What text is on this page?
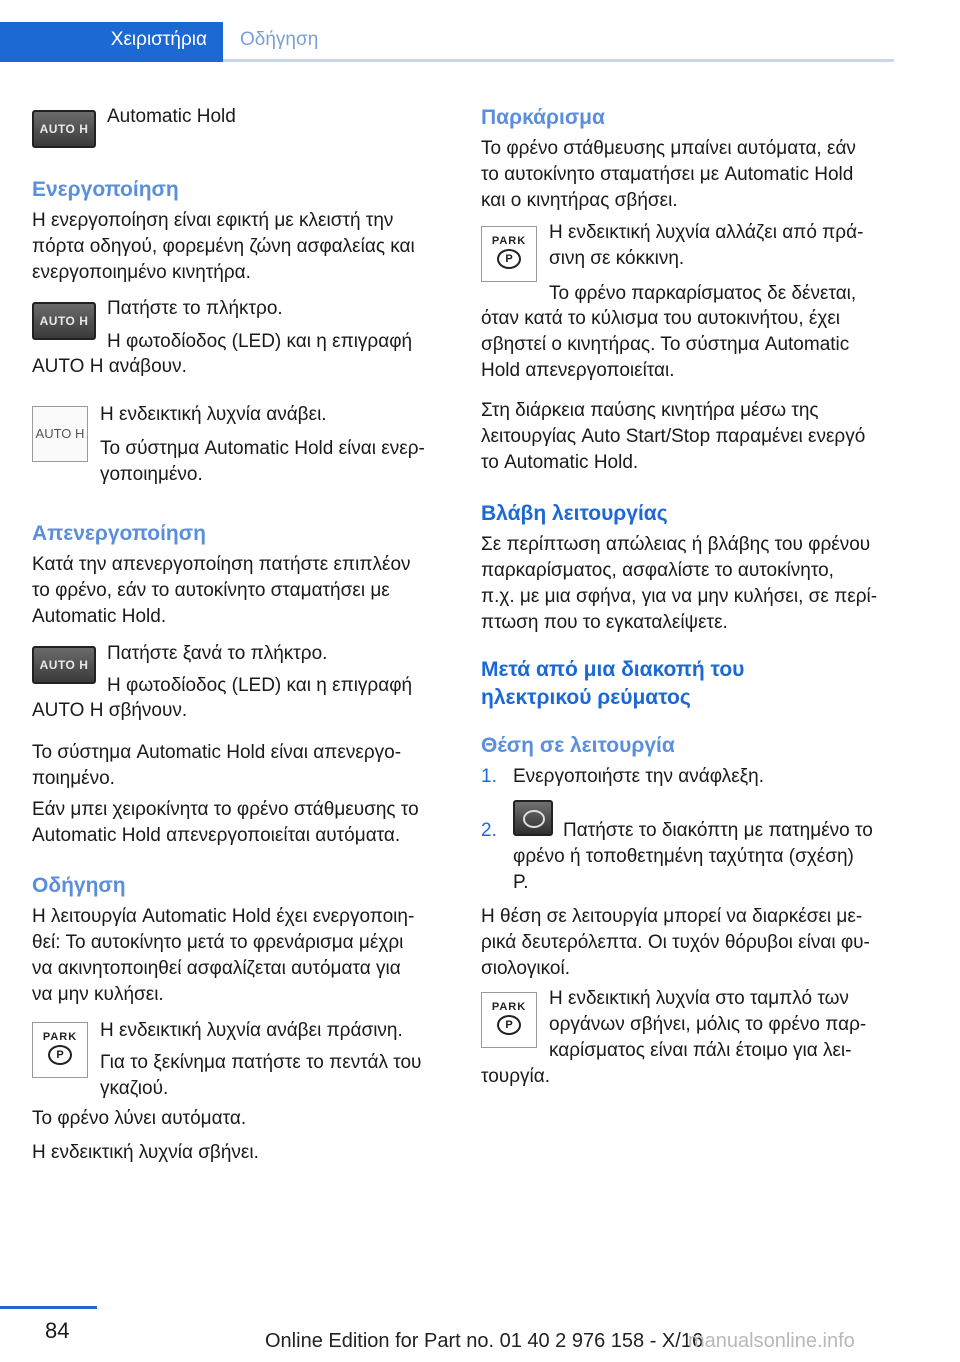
Χειριστήρια	Οδήγηση
AUTO H

Automatic Hold

Ενεργοποίηση

Η ενεργοποίηση είναι εφικτή με κλειστή την

πόρτα οδηγού, φορεμένη ζώνη ασφαλείας και

ενεργοποιημένο κινητήρα.

AUTO H

Πατήστε το πλήκτρο.

Η φωτοδίοδος (LED) και η επιγραφή

AUTO H ανάβουν.

AUTO H

Η ενδεικτική λυχνία ανάβει.

Το σύστημα Automatic Hold είναι ενερ-

γοποιημένο.

Απενεργοποίηση

Κατά την απενεργοποίηση πατήστε επιπλέον

το φρένο, εάν το αυτοκίνητο σταματήσει με

Automatic Hold.

AUTO H

Πατήστε ξανά το πλήκτρο.

Η φωτοδίοδος (LED) και η επιγραφή

AUTO H σβήνουν.

Το σύστημα Automatic Hold είναι απενεργο-

ποιημένο.

Εάν μπει χειροκίνητα το φρένο στάθμευσης το

Automatic Hold απενεργοποιείται αυτόματα.

Οδήγηση

Η λειτουργία Automatic Hold έχει ενεργοποιη-

θεί: Το αυτοκίνητο μετά το φρενάρισμα μέχρι

να ακινητοποιηθεί ασφαλίζεται αυτόματα για

να μην κυλήσει.

PARK
P

Η ενδεικτική λυχνία ανάβει πράσινη.

Για το ξεκίνημα πατήστε το πεντάλ του

γκαζιού.

Το φρένο λύνει αυτόματα.

Η ενδεικτική λυχνία σβήνει.

Παρκάρισμα

Το φρένο στάθμευσης μπαίνει αυτόματα, εάν

το αυτοκίνητο σταματήσει με Automatic Hold

και ο κινητήρας σβήσει.

PARK
P

Η ενδεικτική λυχνία αλλάζει από πρά-

σινη σε κόκκινη.

Το φρένο παρκαρίσματος δε δένεται,

όταν κατά το κύλισμα του αυτοκινήτου, έχει

σβηστεί ο κινητήρας. Το σύστημα Automatic

Hold απενεργοποιείται.

Στη διάρκεια παύσης κινητήρα μέσω της

λειτουργίας Auto Start/Stop παραμένει ενεργό

το Automatic Hold.

Βλάβη λειτουργίας

Σε περίπτωση απώλειας ή βλάβης του φρένου

παρκαρίσματος, ασφαλίστε το αυτοκίνητο,

π.χ. με μια σφήνα, για να μην κυλήσει, σε περί-

πτωση που το εγκαταλείψετε.

Μετά από μια διακοπή του

ηλεκτρικού ρεύματος

Θέση σε λειτουργία
1. Ενεργοποιήστε την ανάφλεξη.

2.	Πατήστε το διακόπτη με πατημένο το

φρένο ή τοποθετημένη ταχύτητα (σχέση)

P.

Η θέση σε λειτουργία μπορεί να διαρκέσει με-

ρικά δευτερόλεπτα. Οι τυχόν θόρυβοι είναι φυ-

σιολογικοί.

PARK
P

Η ενδεικτική λυχνία στο ταμπλό των

οργάνων σβήνει, μόλις το φρένο παρ-

καρίσματος είναι πάλι έτοιμο για λει-

τουργία.

84	Online Edition for Part no. 01 40 2 976 158 - X/16
manualsonline.info
